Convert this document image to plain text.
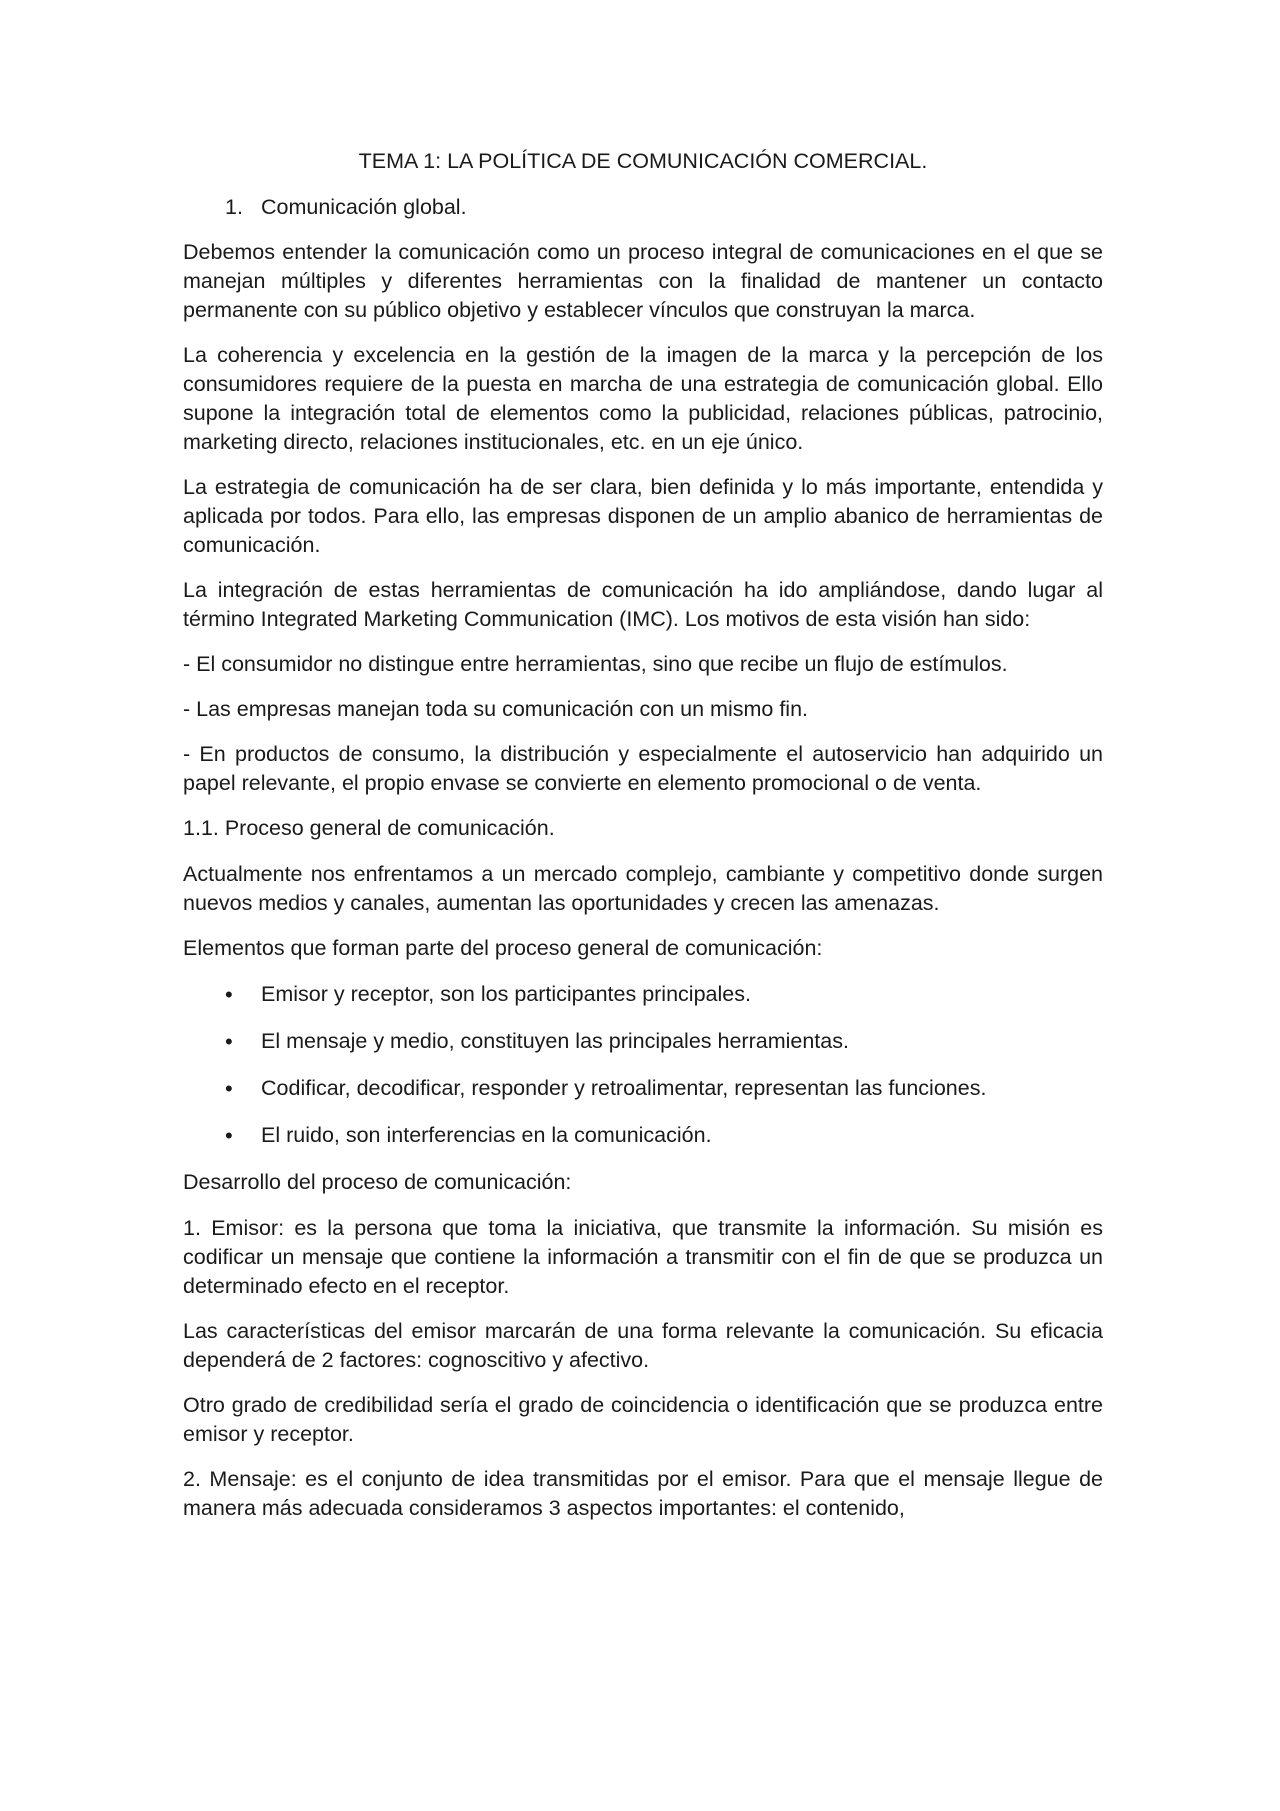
TEMA 1: LA POLÍTICA DE COMUNICACIÓN COMERCIAL.
1. Comunicación global.

Debemos entender la comunicación como un proceso integral de comunicaciones en el que se manejan múltiples y diferentes herramientas con la finalidad de mantener un contacto permanente con su público objetivo y establecer vínculos que construyan la marca.

La coherencia y excelencia en la gestión de la imagen de la marca y la percepción de los consumidores requiere de la puesta en marcha de una estrategia de comunicación global. Ello supone la integración total de elementos como la publicidad, relaciones públicas, patrocinio, marketing directo, relaciones institucionales, etc. en un eje único.

La estrategia de comunicación ha de ser clara, bien definida y lo más importante, entendida y aplicada por todos. Para ello, las empresas disponen de un amplio abanico de herramientas de comunicación.

La integración de estas herramientas de comunicación ha ido ampliándose, dando lugar al término Integrated Marketing Communication (IMC). Los motivos de esta visión han sido:

- El consumidor no distingue entre herramientas, sino que recibe un flujo de estímulos.

- Las empresas manejan toda su comunicación con un mismo fin.

- En productos de consumo, la distribución y especialmente el autoservicio han adquirido un papel relevante, el propio envase se convierte en elemento promocional o de venta.

1.1. Proceso general de comunicación.

Actualmente nos enfrentamos a un mercado complejo, cambiante y competitivo donde surgen nuevos medios y canales, aumentan las oportunidades y crecen las amenazas.

Elementos que forman parte del proceso general de comunicación:

• Emisor y receptor, son los participantes principales.
• El mensaje y medio, constituyen las principales herramientas.
• Codificar, decodificar, responder y retroalimentar, representan las funciones.
• El ruido, son interferencias en la comunicación.

Desarrollo del proceso de comunicación:

1. Emisor: es la persona que toma la iniciativa, que transmite la información. Su misión es codificar un mensaje que contiene la información a transmitir con el fin de que se produzca un determinado efecto en el receptor.

Las características del emisor marcarán de una forma relevante la comunicación. Su eficacia dependerá de 2 factores: cognoscitivo y afectivo.

Otro grado de credibilidad sería el grado de coincidencia o identificación que se produzca entre emisor y receptor.

2. Mensaje: es el conjunto de idea transmitidas por el emisor. Para que el mensaje llegue de manera más adecuada consideramos 3 aspectos importantes: el contenido,
